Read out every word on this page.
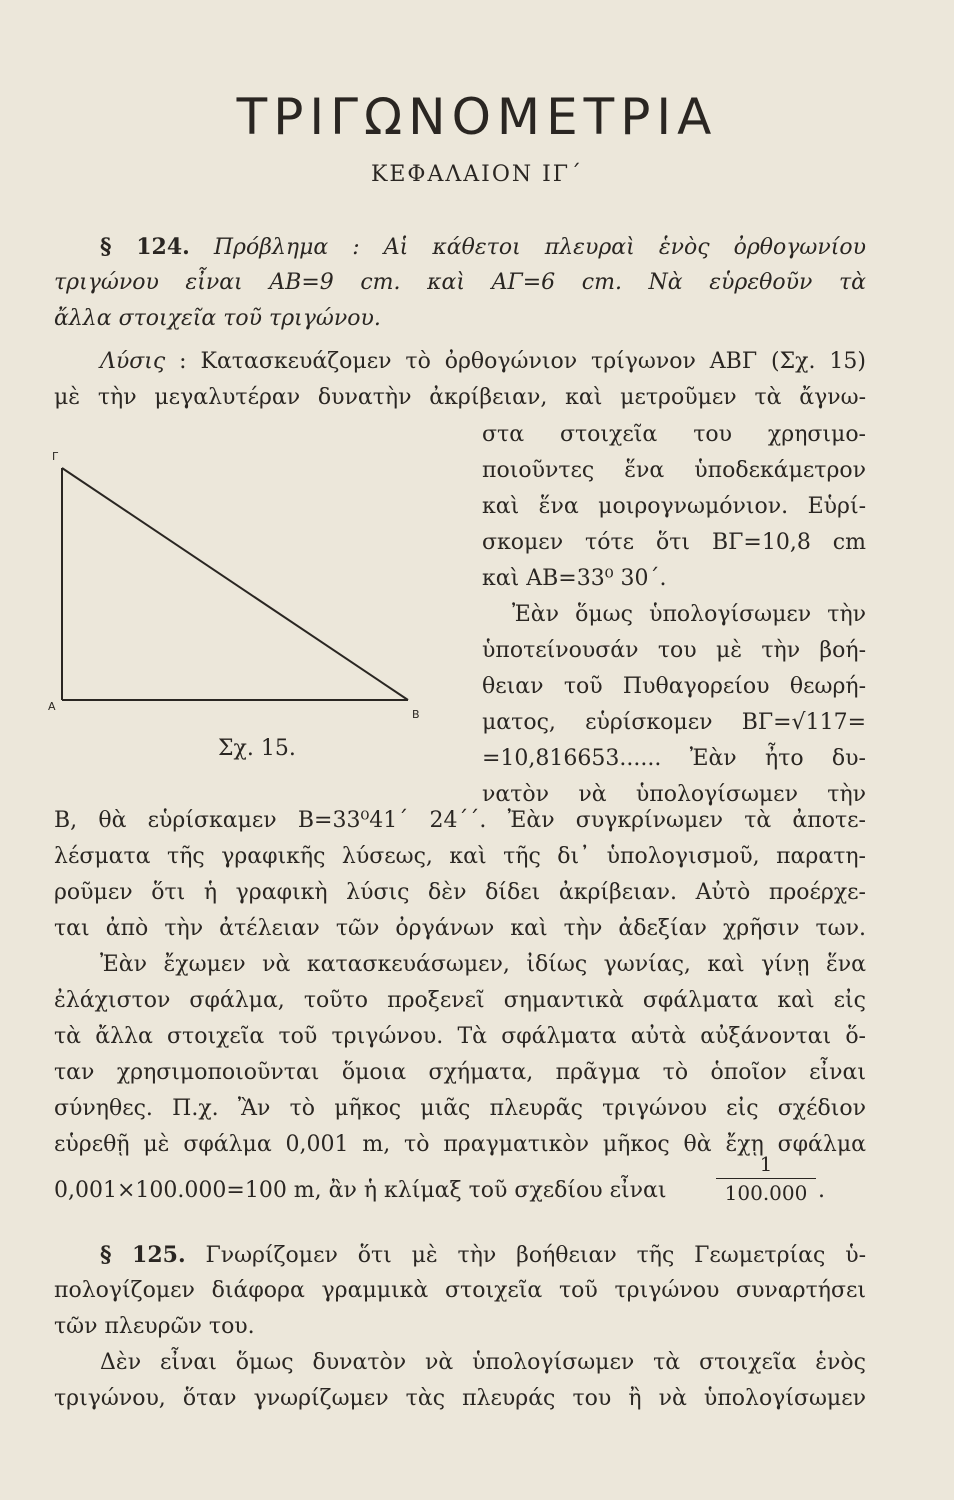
ΤΡΙΓΩΝΟΜΕΤΡΙΑ
ΚΕΦΑΛΑΙΟΝ ΙΓ΄
§ 124. Πρόβλημα : Αἱ κάθετοι πλευραὶ ἑνὸς ὀρθογωνίου
τριγώνου εἶναι ΑΒ=9 cm. καὶ ΑΓ=6 cm. Νὰ εὑρεθοῦν τὰ
ἄλλα στοιχεῖα τοῦ τριγώνου.
Λύσις : Κατασκευάζομεν τὸ ὀρθογώνιον τρίγωνον ΑΒΓ (Σχ. 15)
μὲ τὴν μεγαλυτέραν δυνατὴν ἀκρίβειαν, καὶ μετροῦμεν τὰ ἄγνω-
στα στοιχεῖα του χρησιμο-
ποιοῦντες ἕνα ὑποδεκάμετρον
καὶ ἕνα μοιρογνωμόνιον. Εὑρί-
σκομεν τότε ὅτι ΒΓ=10,8 cm
καὶ ΑΒ=33⁰ 30΄.
Ἐὰν ὅμως ὑπολογίσωμεν τὴν
ὑποτείνουσάν του μὲ τὴν βοή-
θειαν τοῦ Πυθαγορείου θεωρή-
ματος, εὑρίσκομεν ΒΓ=√117=
=10,816653...... Ἐὰν ἦτο δυ-
νατὸν νὰ ὑπολογίσωμεν τὴν
Γ
Α
Β
Σχ. 15.
Β, θὰ εὑρίσκαμεν Β=33⁰41΄ 24΄΄. Ἐὰν συγκρίνωμεν τὰ ἀποτε-
λέσματα τῆς γραφικῆς λύσεως, καὶ τῆς δι᾿ ὑπολογισμοῦ, παρατη-
ροῦμεν ὅτι ἡ γραφικὴ λύσις δὲν δίδει ἀκρίβειαν. Αὐτὸ προέρχε-
ται ἀπὸ τὴν ἀτέλειαν τῶν ὀργάνων καὶ τὴν ἀδεξίαν χρῆσιν των.
Ἐὰν ἔχωμεν νὰ κατασκευάσωμεν, ἰδίως γωνίας, καὶ γίνῃ ἕνα
ἐλάχιστον σφάλμα, τοῦτο προξενεῖ σημαντικὰ σφάλματα καὶ εἰς
τὰ ἄλλα στοιχεῖα τοῦ τριγώνου. Τὰ σφάλματα αὐτὰ αὐξάνονται ὅ-
ταν χρησιμοποιοῦνται ὅμοια σχήματα, πρᾶγμα τὸ ὁποῖον εἶναι
σύνηθες. Π.χ. Ἂν τὸ μῆκος μιᾶς πλευρᾶς τριγώνου εἰς σχέδιον
εὑρεθῇ μὲ σφάλμα 0,001 m, τὸ πραγματικὸν μῆκος θὰ ἔχῃ σφάλμα
0,001×100.000=100 m, ἂν ἡ κλίμαξ τοῦ σχεδίου εἶναι
1
100.000 .
§ 125. Γνωρίζομεν ὅτι μὲ τὴν βοήθειαν τῆς Γεωμετρίας ὑ-
πολογίζομεν διάφορα γραμμικὰ στοιχεῖα τοῦ τριγώνου συναρτήσει
τῶν πλευρῶν του.
Δὲν εἶναι ὅμως δυνατὸν νὰ ὑπολογίσωμεν τὰ στοιχεῖα ἑνὸς
τριγώνου, ὅταν γνωρίζωμεν τὰς πλευράς του ἢ νὰ ὑπολογίσωμεν
